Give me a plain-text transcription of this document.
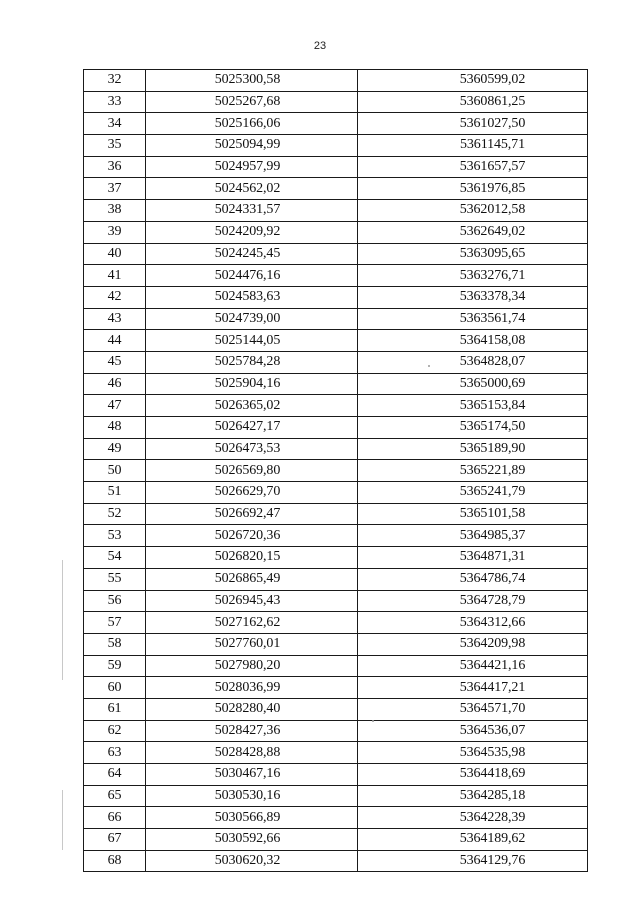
23
32	5025300,58	5360599,02
33	5025267,68	5360861,25
34	5025166,06	5361027,50
35	5025094,99	5361145,71
36	5024957,99	5361657,57
37	5024562,02	5361976,85
38	5024331,57	5362012,58
39	5024209,92	5362649,02
40	5024245,45	5363095,65
41	5024476,16	5363276,71
42	5024583,63	5363378,34
43	5024739,00	5363561,74
44	5025144,05	5364158,08
45	5025784,28	5364828,07
46	5025904,16	5365000,69
47	5026365,02	5365153,84
48	5026427,17	5365174,50
49	5026473,53	5365189,90
50	5026569,80	5365221,89
51	5026629,70	5365241,79
52	5026692,47	5365101,58
53	5026720,36	5364985,37
54	5026820,15	5364871,31
55	5026865,49	5364786,74
56	5026945,43	5364728,79
57	5027162,62	5364312,66
58	5027760,01	5364209,98
59	5027980,20	5364421,16
60	5028036,99	5364417,21
61	5028280,40	5364571,70
62	5028427,36	5364536,07
63	5028428,88	5364535,98
64	5030467,16	5364418,69
65	5030530,16	5364285,18
66	5030566,89	5364228,39
67	5030592,66	5364189,62
68	5030620,32	5364129,76
